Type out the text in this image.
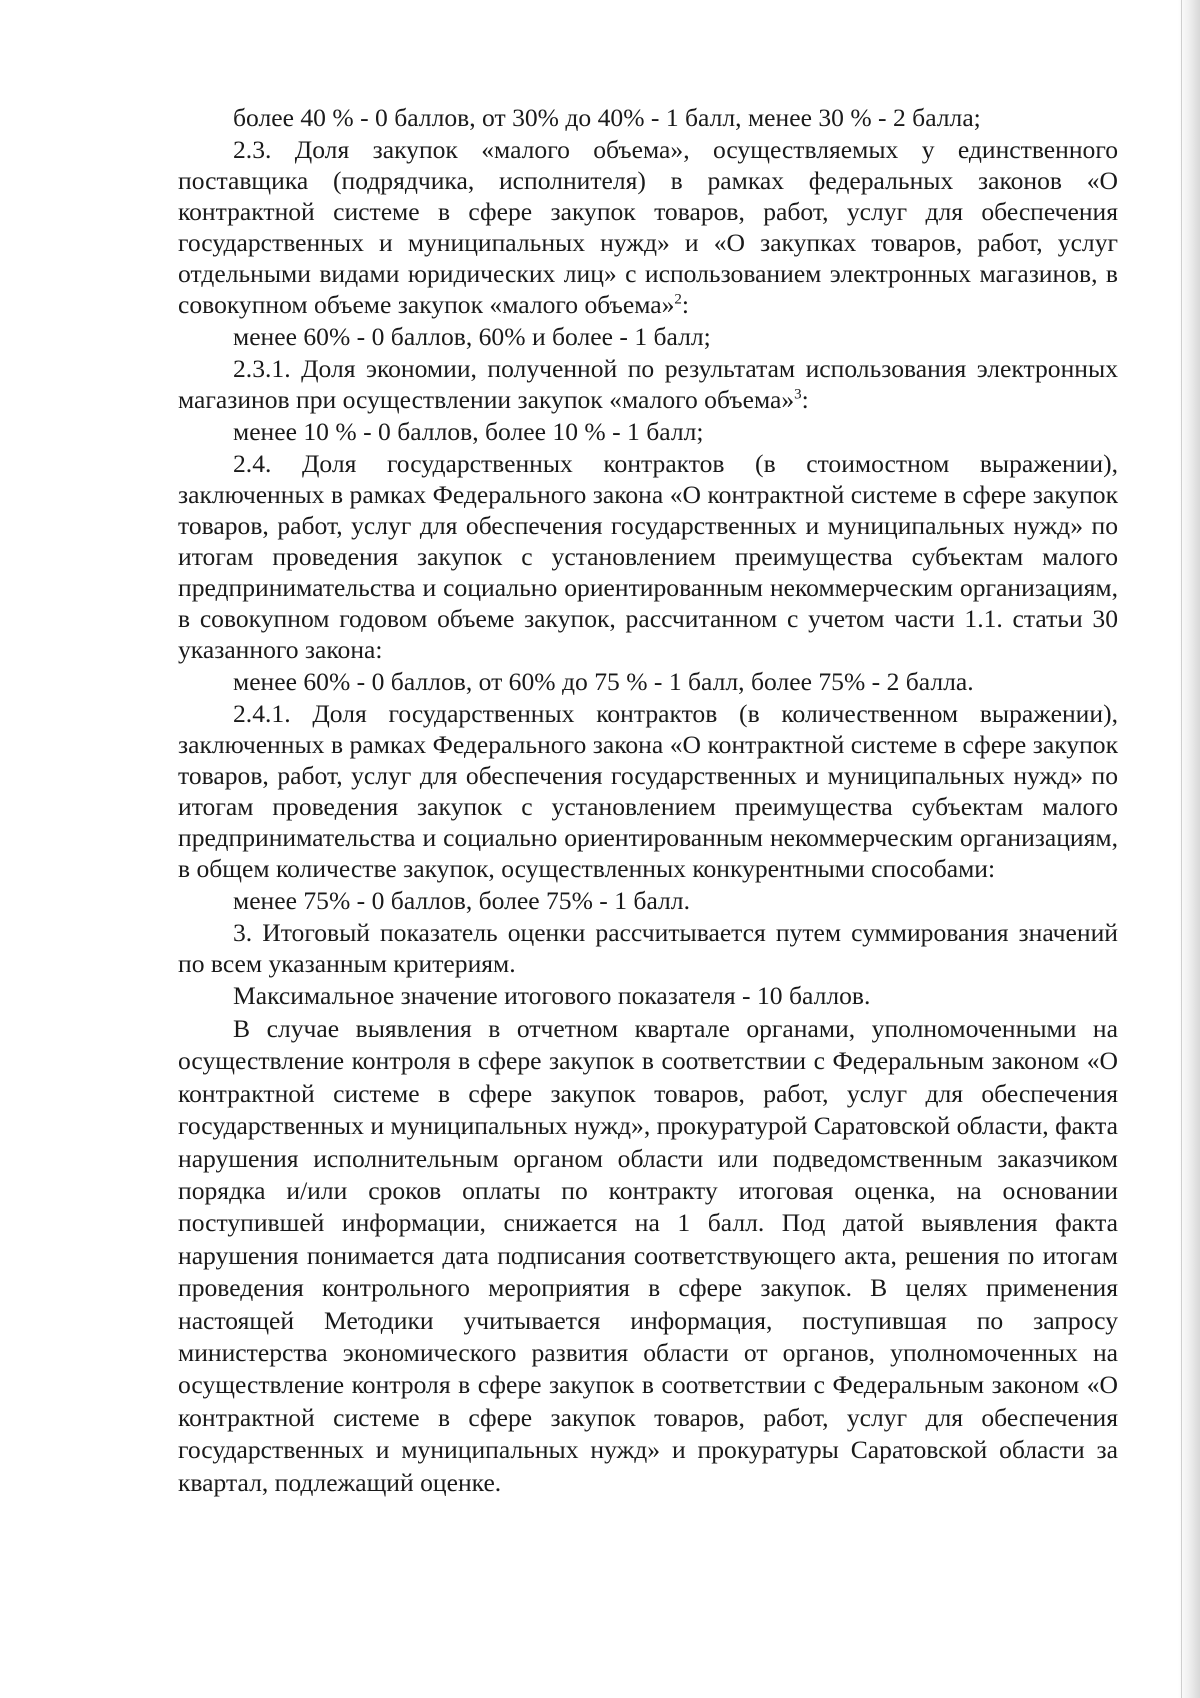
более 40 % - 0 баллов, от 30% до 40% - 1 балл, менее 30 % - 2 балла;

2.3. Доля закупок «малого объема», осуществляемых у единственного поставщика (подрядчика, исполнителя) в рамках федеральных законов «О контрактной системе в сфере закупок товаров, работ, услуг для обеспечения государственных и муниципальных нужд» и «О закупках товаров, работ, услуг отдельными видами юридических лиц» с использованием электронных магазинов, в совокупном объеме закупок «малого объема»$^2$:

менее 60% - 0 баллов, 60% и более - 1 балл;

2.3.1. Доля экономии, полученной по результатам использования электронных магазинов при осуществлении закупок «малого объема»$^3$:

менее 10 % - 0 баллов, более 10 % - 1 балл;

2.4. Доля государственных контрактов (в стоимостном выражении), заключенных в рамках Федерального закона «О контрактной системе в сфере закупок товаров, работ, услуг для обеспечения государственных и муниципальных нужд» по итогам проведения закупок с установлением преимущества субъектам малого предпринимательства и социально ориентированным некоммерческим организациям, в совокупном годовом объеме закупок, рассчитанном с учетом части 1.1. статьи 30 указанного закона:

менее 60% - 0 баллов, от 60% до 75 % - 1 балл, более 75% - 2 балла.

2.4.1. Доля государственных контрактов (в количественном выражении), заключенных в рамках Федерального закона «О контрактной системе в сфере закупок товаров, работ, услуг для обеспечения государственных и муниципальных нужд» по итогам проведения закупок с установлением преимущества субъектам малого предпринимательства и социально ориентированным некоммерческим организациям, в общем количестве закупок, осуществленных конкурентными способами:

менее 75% - 0 баллов, более 75% - 1 балл.

3. Итоговый показатель оценки рассчитывается путем суммирования значений по всем указанным критериям.

Максимальное значение итогового показателя - 10 баллов.

В случае выявления в отчетном квартале органами, уполномоченными на осуществление контроля в сфере закупок в соответствии с Федеральным законом «О контрактной системе в сфере закупок товаров, работ, услуг для обеспечения государственных и муниципальных нужд», прокуратурой Саратовской области, факта нарушения исполнительным органом области или подведомственным заказчиком порядка и/или сроков оплаты по контракту итоговая оценка, на основании поступившей информации, снижается на 1 балл. Под датой выявления факта нарушения понимается дата подписания соответствующего акта, решения по итогам проведения контрольного мероприятия в сфере закупок. В целях применения настоящей Методики учитывается информация, поступившая по запросу министерства экономического развития области от органов, уполномоченных на осуществление контроля в сфере закупок в соответствии с Федеральным законом «О контрактной системе в сфере закупок товаров, работ, услуг для обеспечения государственных и муниципальных нужд» и прокуратуры Саратовской области за квартал, подлежащий оценке.
